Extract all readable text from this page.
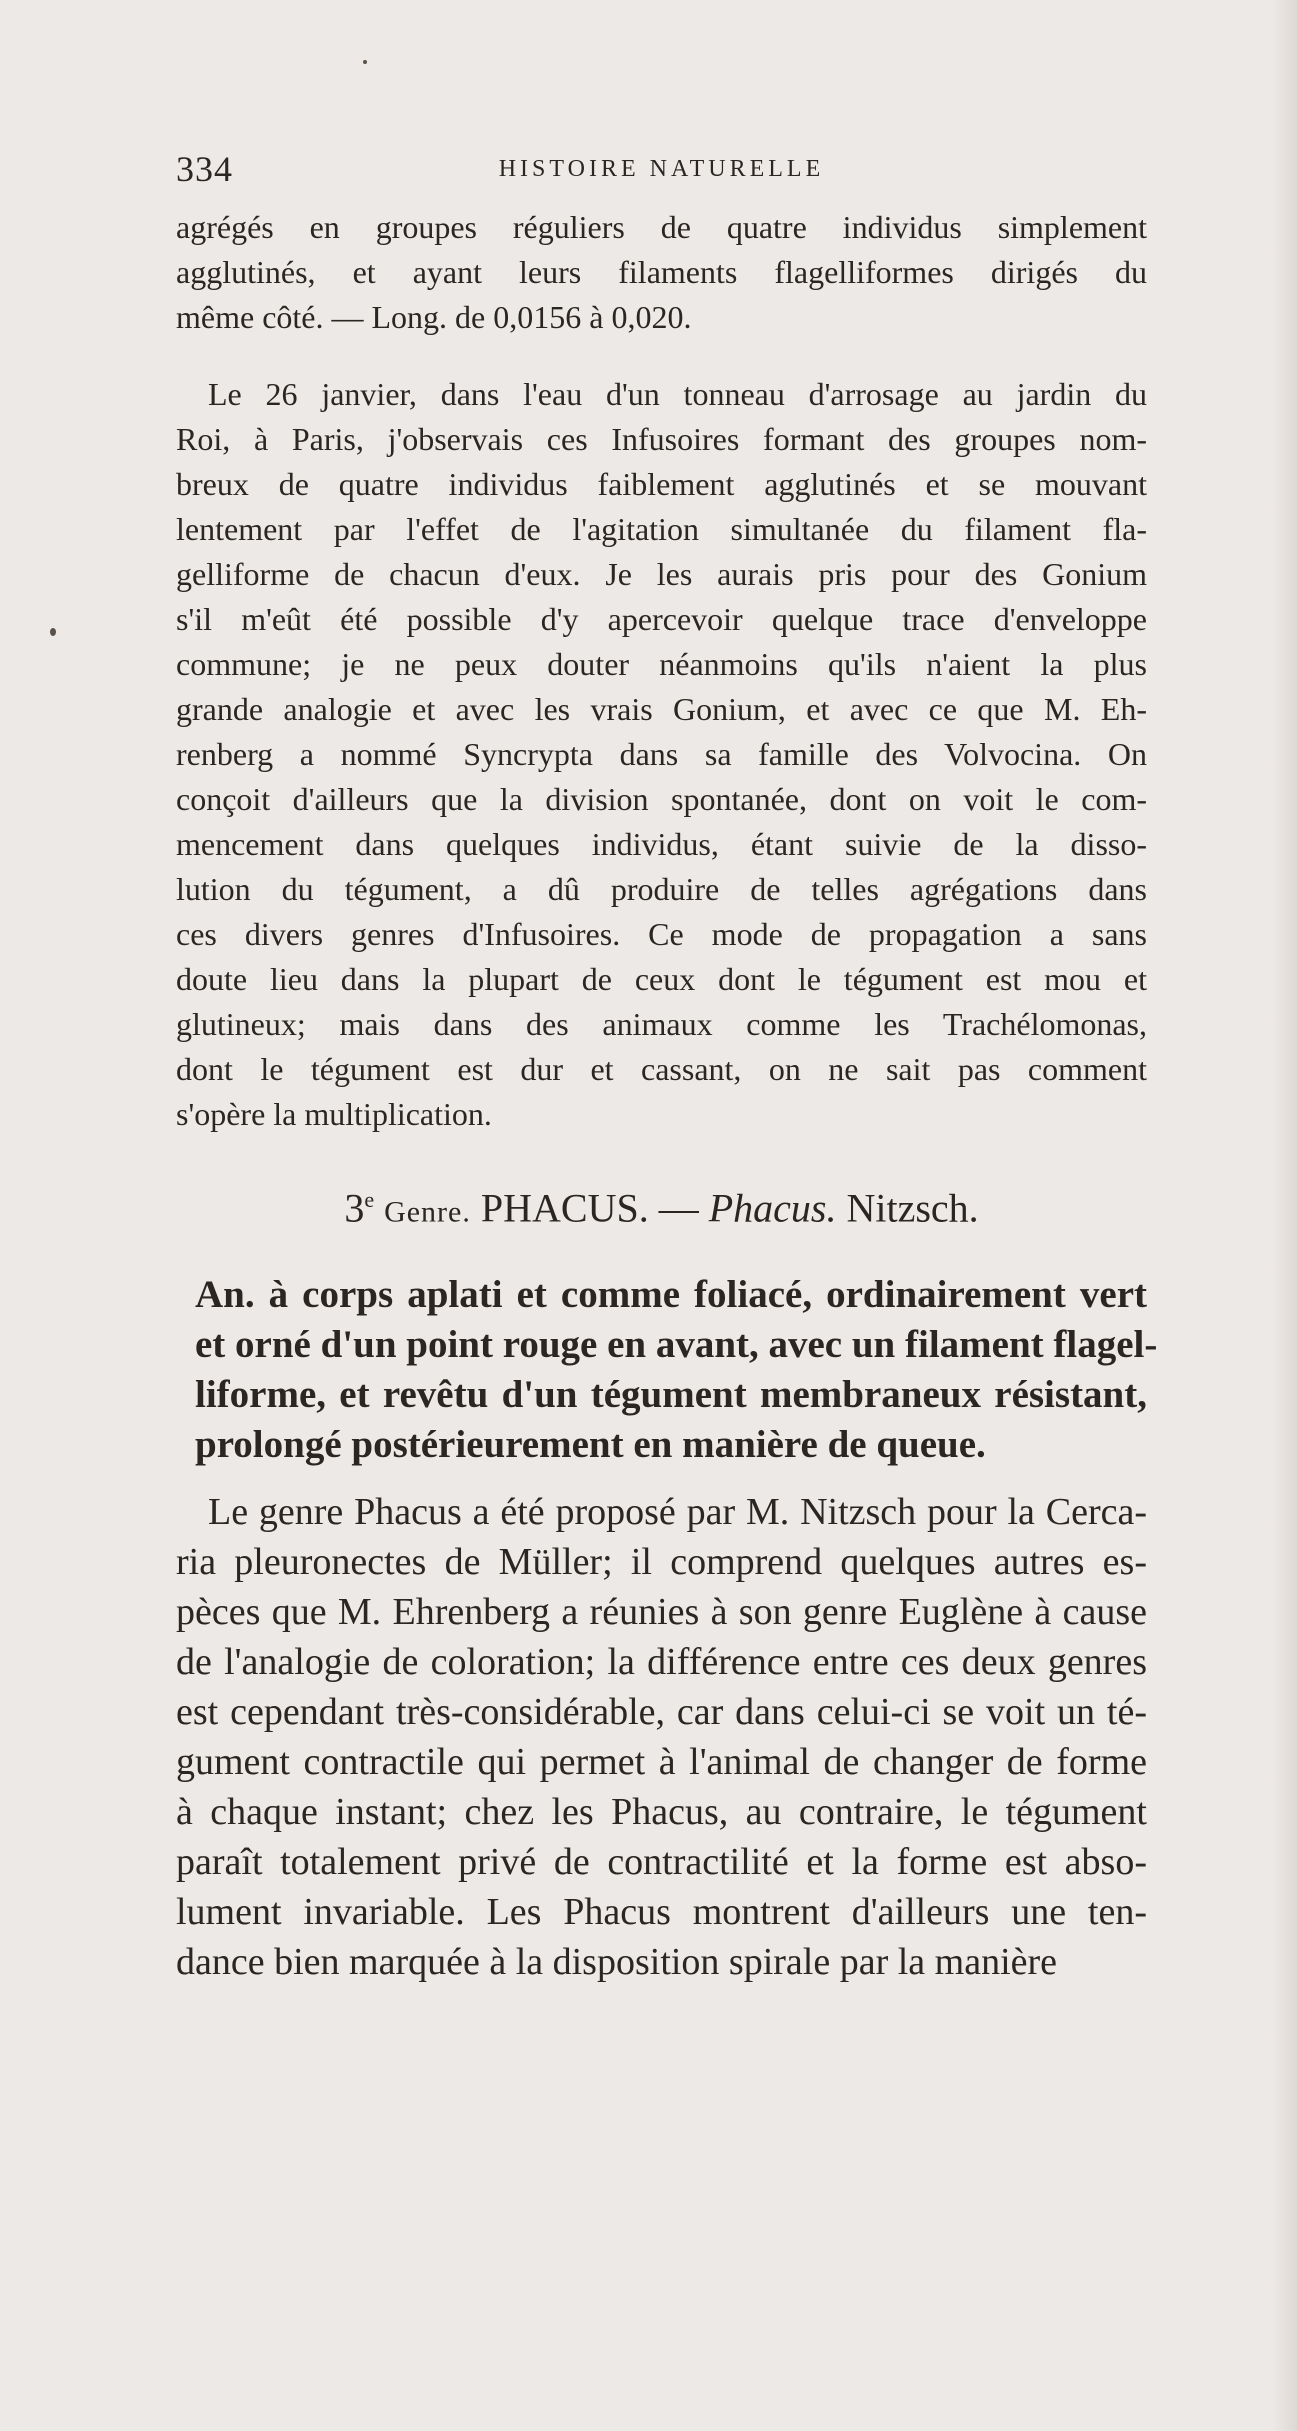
334	HISTOIRE NATURELLE
agrégés en groupes réguliers de quatre individus simplement
agglutinés, et ayant leurs filaments flagelliformes dirigés du
même côté. — Long. de 0,0156 à 0,020.
Le 26 janvier, dans l'eau d'un tonneau d'arrosage au jardin du
Roi, à Paris, j'observais ces Infusoires formant des groupes nom-
breux de quatre individus faiblement agglutinés et se mouvant
lentement par l'effet de l'agitation simultanée du filament fla-
gelliforme de chacun d'eux. Je les aurais pris pour des Gonium
s'il m'eût été possible d'y apercevoir quelque trace d'enveloppe
commune; je ne peux douter néanmoins qu'ils n'aient la plus
grande analogie et avec les vrais Gonium, et avec ce que M. Eh-
renberg a nommé Syncrypta dans sa famille des Volvocina. On
conçoit d'ailleurs que la division spontanée, dont on voit le com-
mencement dans quelques individus, étant suivie de la disso-
lution du tégument, a dû produire de telles agrégations dans
ces divers genres d'Infusoires. Ce mode de propagation a sans
doute lieu dans la plupart de ceux dont le tégument est mou et
glutineux; mais dans des animaux comme les Trachélomonas,
dont le tégument est dur et cassant, on ne sait pas comment
s'opère la multiplication.
3e Genre. PHACUS. — Phacus. Nitzsch.
An. à corps aplati et comme foliacé, ordinairement vert
et orné d'un point rouge en avant, avec un filament flagel-
liforme, et revêtu d'un tégument membraneux résistant,
prolongé postérieurement en manière de queue.
Le genre Phacus a été proposé par M. Nitzsch pour la Cerca-
ria pleuronectes de Müller; il comprend quelques autres es-
pèces que M. Ehrenberg a réunies à son genre Euglène à cause
de l'analogie de coloration; la différence entre ces deux genres
est cependant très-considérable, car dans celui-ci se voit un té-
gument contractile qui permet à l'animal de changer de forme
à chaque instant; chez les Phacus, au contraire, le tégument
paraît totalement privé de contractilité et la forme est abso-
lument invariable. Les Phacus montrent d'ailleurs une ten-
dance bien marquée à la disposition spirale par la manière
